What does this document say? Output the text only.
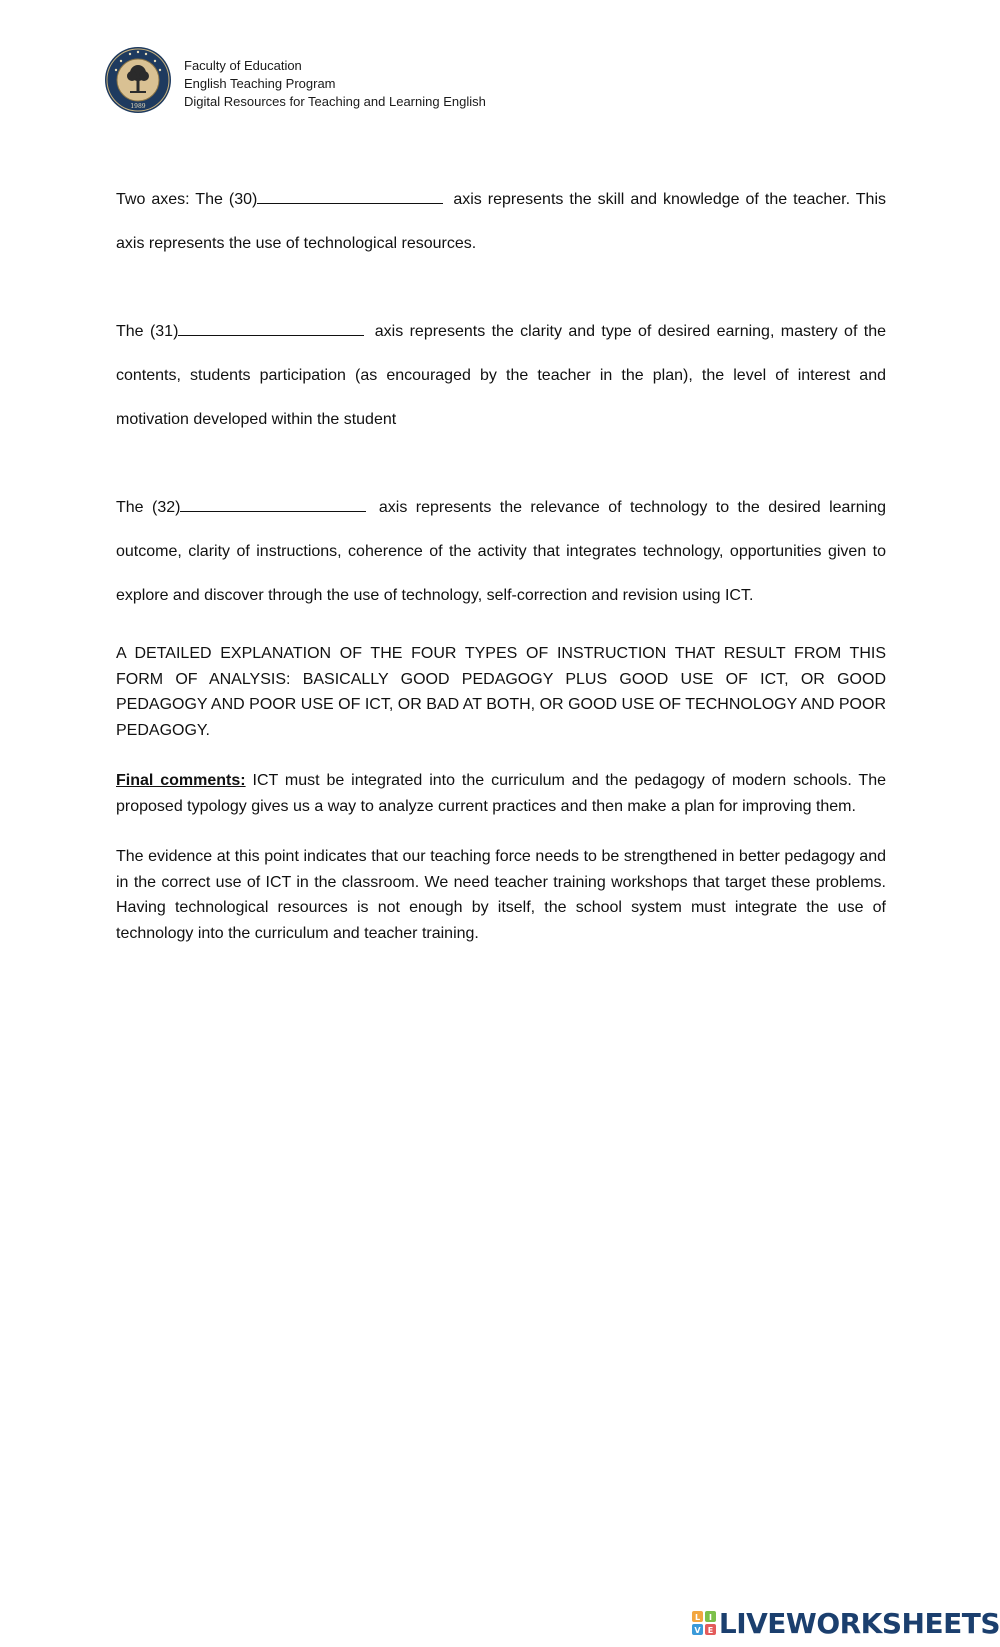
1989
Faculty of Education
English Teaching Program
Digital Resources for Teaching and Learning English

Two axes: The (30)	axis represents the skill and knowledge of the teacher. This axis represents the use of technological resources.

The (31)	axis represents the clarity and type of desired earning, mastery of the contents, students participation (as encouraged by the teacher in the plan), the level of interest and motivation developed within the student

The (32)	axis represents the relevance of technology to the desired learning outcome, clarity of instructions, coherence of the activity that integrates technology, opportunities given to explore and discover through the use of technology, self-correction and revision using ICT.

A DETAILED EXPLANATION OF THE FOUR TYPES OF INSTRUCTION THAT RESULT FROM THIS FORM OF ANALYSIS: BASICALLY GOOD PEDAGOGY PLUS GOOD USE OF ICT, OR GOOD PEDAGOGY AND POOR USE OF ICT, OR BAD AT BOTH, OR GOOD USE OF TECHNOLOGY AND POOR PEDAGOGY.

Final comments: ICT must be integrated into the curriculum and the pedagogy of modern schools. The proposed typology gives us a way to analyze current practices and then make a plan for improving them.

The evidence at this point indicates that our teaching force needs to be strengthened in better pedagogy and in the correct use of ICT in the classroom. We need teacher training workshops that target these problems. Having technological resources is not enough by itself, the school system must integrate the use of technology into the curriculum and teacher training.

L I
V E LIVEWORKSHEETS
